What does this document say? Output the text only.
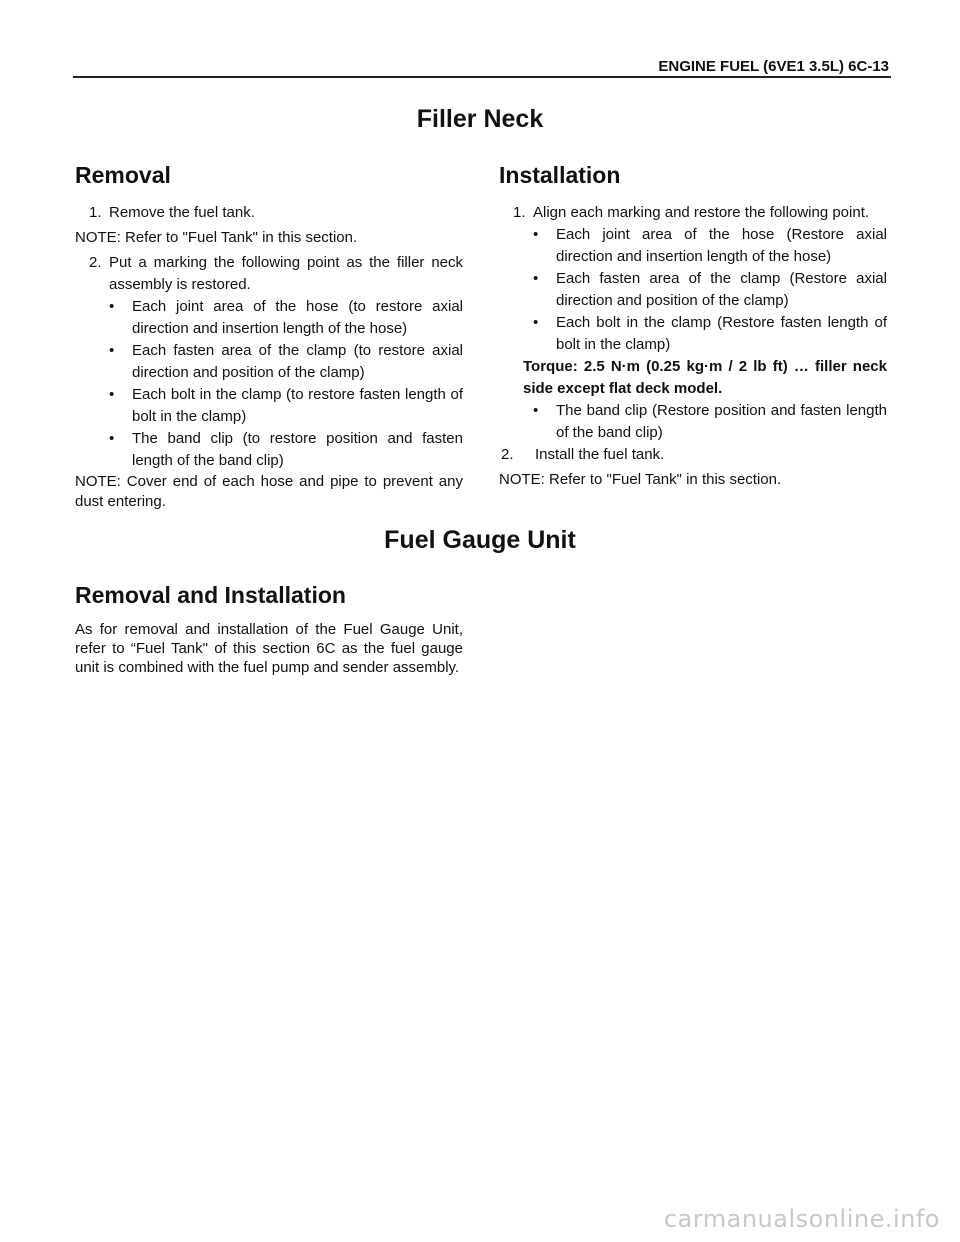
ENGINE FUEL (6VE1 3.5L) 6C-13
Filler Neck
Removal
1. Remove the fuel tank.
NOTE: Refer to "Fuel Tank" in this section.
2. Put a marking the following point as the filler neck assembly is restored.
• Each joint area of the hose (to restore axial direction and insertion length of the hose)
• Each fasten area of the clamp (to restore axial direction and position of the clamp)
• Each bolt in the clamp (to restore fasten length of bolt in the clamp)
• The band clip (to restore position and fasten length of the band clip)
NOTE: Cover end of each hose and pipe to prevent any dust entering.
Installation
1. Align each marking and restore the following point.
• Each joint area of the hose (Restore axial direction and insertion length of the hose)
• Each fasten area of the clamp (Restore axial direction and position of the clamp)
• Each bolt in the clamp (Restore fasten length of bolt in the clamp)
Torque: 2.5 N·m (0.25 kg·m / 2 lb ft) … filler neck side except flat deck model.
• The band clip (Restore position and fasten length of the band clip)
2.	Install the fuel tank.
NOTE: Refer to "Fuel Tank" in this section.
Fuel Gauge Unit
Removal and Installation
As for removal and installation of the Fuel Gauge Unit, refer to “Fuel Tank" of this section 6C as the fuel gauge unit is combined with the fuel pump and sender assembly.
carmanualsonline.info
